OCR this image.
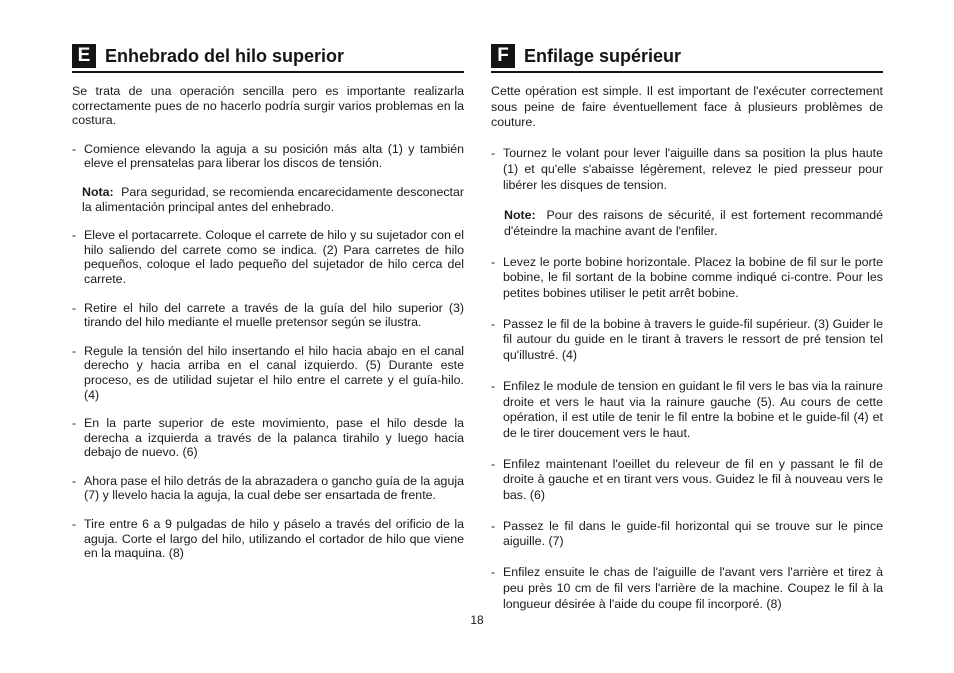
E Enhebrado del hilo superior

Se trata de una operación sencilla pero es importante realizarla correctamente pues de no hacerlo podría surgir varios problemas en la costura.

- Comience elevando la aguja a su posición más alta (1) y también eleve el prensatelas para liberar los discos de tensión.

Nota: Para seguridad, se recomienda encarecidamente desconectar la alimentación principal antes del enhebrado.

- Eleve el portacarrete. Coloque el carrete de hilo y su sujetador con el hilo saliendo del carrete como se indica. (2) Para carretes de hilo pequeños, coloque el lado pequeño del sujetador de hilo cerca del carrete.

- Retire el hilo del carrete a través de la guía del hilo superior (3) tirando del hilo mediante el muelle pretensor según se ilustra.

- Regule la tensión del hilo insertando el hilo hacia abajo en el canal derecho y hacia arriba en el canal izquierdo. (5) Durante este proceso, es de utilidad sujetar el hilo entre el carrete y el guía-hilo. (4)

- En la parte superior de este movimiento, pase el hilo desde la derecha a izquierda a través de la palanca tirahilo y luego hacia debajo de nuevo. (6)

- Ahora pase el hilo detrás de la abrazadera o gancho guía de la aguja (7) y llevelo hacia la aguja, la cual debe ser ensartada de frente.

- Tire entre 6 a 9 pulgadas de hilo y páselo a través del orificio de la aguja. Corte el largo del hilo, utilizando el cortador de hilo que viene en la maquina. (8)

F Enfilage supérieur

Cette opération est simple. Il est important de l'exécuter correctement sous peine de faire éventuellement face à plusieurs problèmes de couture.

- Tournez le volant pour lever l'aiguille dans sa position la plus haute (1) et qu'elle s'abaisse légèrement, relevez le pied presseur pour libérer les disques de tension.

Note: Pour des raisons de sécurité, il est fortement recommandé d'éteindre la machine avant de l'enfiler.

- Levez le porte bobine horizontale. Placez la bobine de fil sur le porte bobine, le fil sortant de la bobine comme indiqué ci-contre. Pour les petites bobines utiliser le petit arrêt bobine.

- Passez le fil de la bobine à travers le guide-fil supérieur. (3) Guider le fil autour du guide en le tirant à travers le ressort de pré tension tel qu'illustré. (4)

- Enfilez le module de tension en guidant le fil vers le bas via la rainure droite et vers le haut via la rainure gauche (5). Au cours de cette opération, il est utile de tenir le fil entre la bobine et le guide-fil (4) et de le tirer doucement vers le haut.

- Enfilez maintenant l'oeillet du releveur de fil en y passant le fil de droite à gauche et en tirant vers vous. Guidez le fil à nouveau vers le bas. (6)

- Passez le fil dans le guide-fil horizontal qui se trouve sur le pince aiguille. (7)

- Enfilez ensuite le chas de l'aiguille de l'avant vers l'arrière et tirez à peu près 10 cm de fil vers l'arrière de la machine. Coupez le fil à la longueur désirée à l'aide du coupe fil incorporé. (8)

18
